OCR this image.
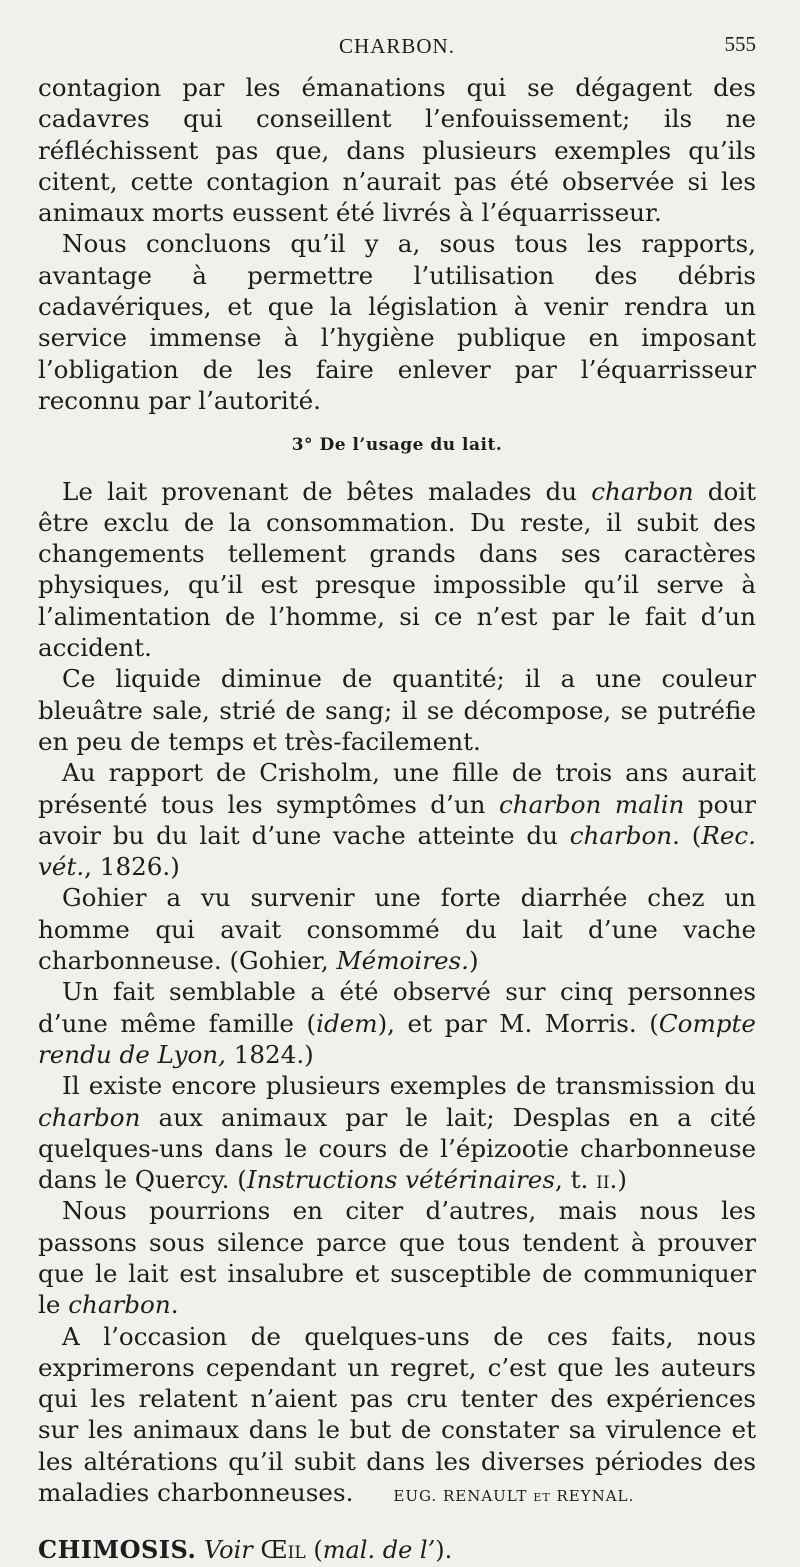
CHARBON.	555

contagion par les émanations qui se dégagent des cadavres qui conseillent l’enfouissement; ils ne réfléchissent pas que, dans plusieurs exemples qu’ils citent, cette contagion n’aurait pas été observée si les animaux morts eussent été livrés à l’équarrisseur.

Nous concluons qu’il y a, sous tous les rapports, avantage à permettre l’utilisation des débris cadavériques, et que la législation à venir rendra un service immense à l’hygiène publique en imposant l’obligation de les faire enlever par l’équarrisseur reconnu par l’autorité.

3° De l’usage du lait.

Le lait provenant de bêtes malades du charbon doit être exclu de la consommation. Du reste, il subit des changements tellement grands dans ses caractères physiques, qu’il est presque impossible qu’il serve à l’alimentation de l’homme, si ce n’est par le fait d’un accident.

Ce liquide diminue de quantité; il a une couleur bleuâtre sale, strié de sang; il se décompose, se putréfie en peu de temps et très-facilement.

Au rapport de Crisholm, une fille de trois ans aurait présenté tous les symptômes d’un charbon malin pour avoir bu du lait d’une vache atteinte du charbon. (Rec. vét., 1826.)

Gohier a vu survenir une forte diarrhée chez un homme qui avait consommé du lait d’une vache charbonneuse. (Gohier, Mémoires.)

Un fait semblable a été observé sur cinq personnes d’une même famille (idem), et par M. Morris. (Compte rendu de Lyon, 1824.)

Il existe encore plusieurs exemples de transmission du charbon aux animaux par le lait; Desplas en a cité quelques-uns dans le cours de l’épizootie charbonneuse dans le Quercy. (Instructions vétérinaires, t. ii.)

Nous pourrions en citer d’autres, mais nous les passons sous silence parce que tous tendent à prouver que le lait est insalubre et susceptible de communiquer le charbon.

A l’occasion de quelques-uns de ces faits, nous exprimerons cependant un regret, c’est que les auteurs qui les relatent n’aient pas cru tenter des expériences sur les animaux dans le but de constater sa virulence et les altérations qu’il subit dans les diverses périodes des maladies charbonneuses.	EUG. RENAULT et REYNAL.

CHIMOSIS. Voir Œil (mal. de l’).
